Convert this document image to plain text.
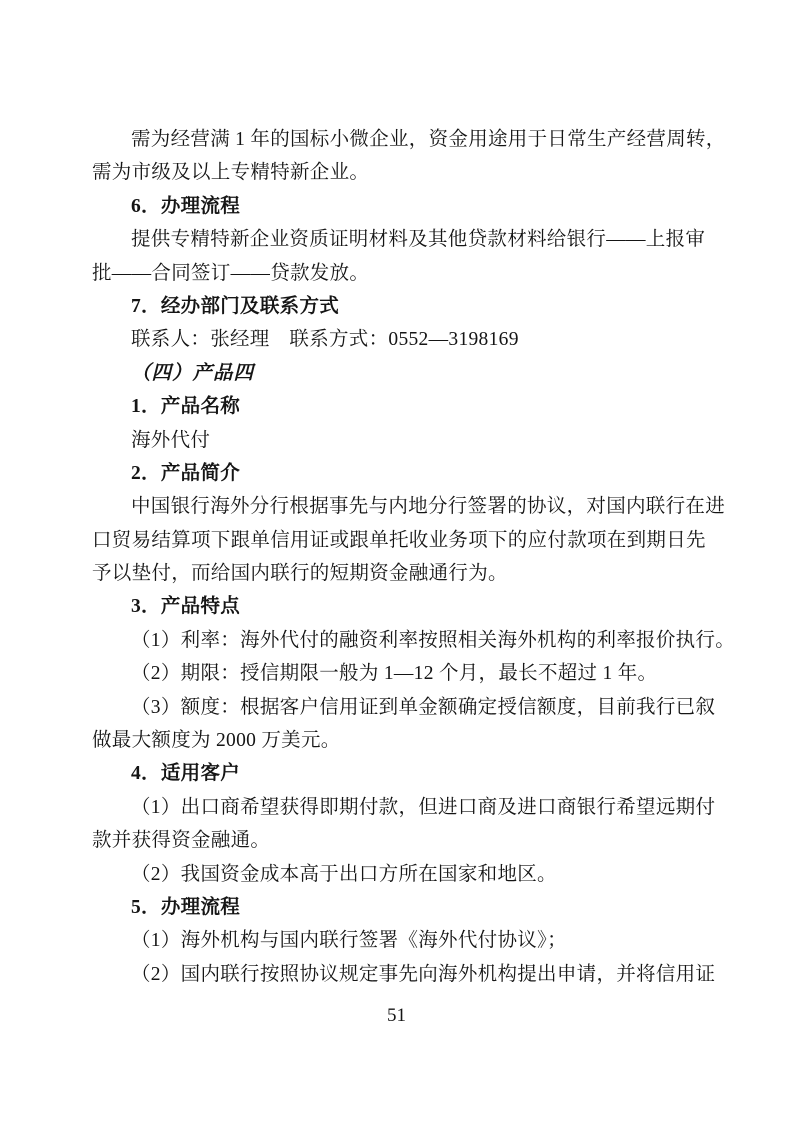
需为经营满 1 年的国标小微企业，资金用途用于日常生产经营周转，
需为市级及以上专精特新企业。
6．办理流程
提供专精特新企业资质证明材料及其他贷款材料给银行——上报审
批——合同签订——贷款发放。
7．经办部门及联系方式
联系人：张经理　联系方式：0552—3198169
（四）产品四
1．产品名称
海外代付
2．产品简介
中国银行海外分行根据事先与内地分行签署的协议，对国内联行在进
口贸易结算项下跟单信用证或跟单托收业务项下的应付款项在到期日先
予以垫付，而给国内联行的短期资金融通行为。
3．产品特点
（1）利率：海外代付的融资利率按照相关海外机构的利率报价执行。
（2）期限：授信期限一般为 1—12 个月，最长不超过 1 年。
（3）额度：根据客户信用证到单金额确定授信额度，目前我行已叙
做最大额度为 2000 万美元。
4．适用客户
（1）出口商希望获得即期付款，但进口商及进口商银行希望远期付
款并获得资金融通。
（2）我国资金成本高于出口方所在国家和地区。
5．办理流程
（1）海外机构与国内联行签署《海外代付协议》；
（2）国内联行按照协议规定事先向海外机构提出申请，并将信用证
51
